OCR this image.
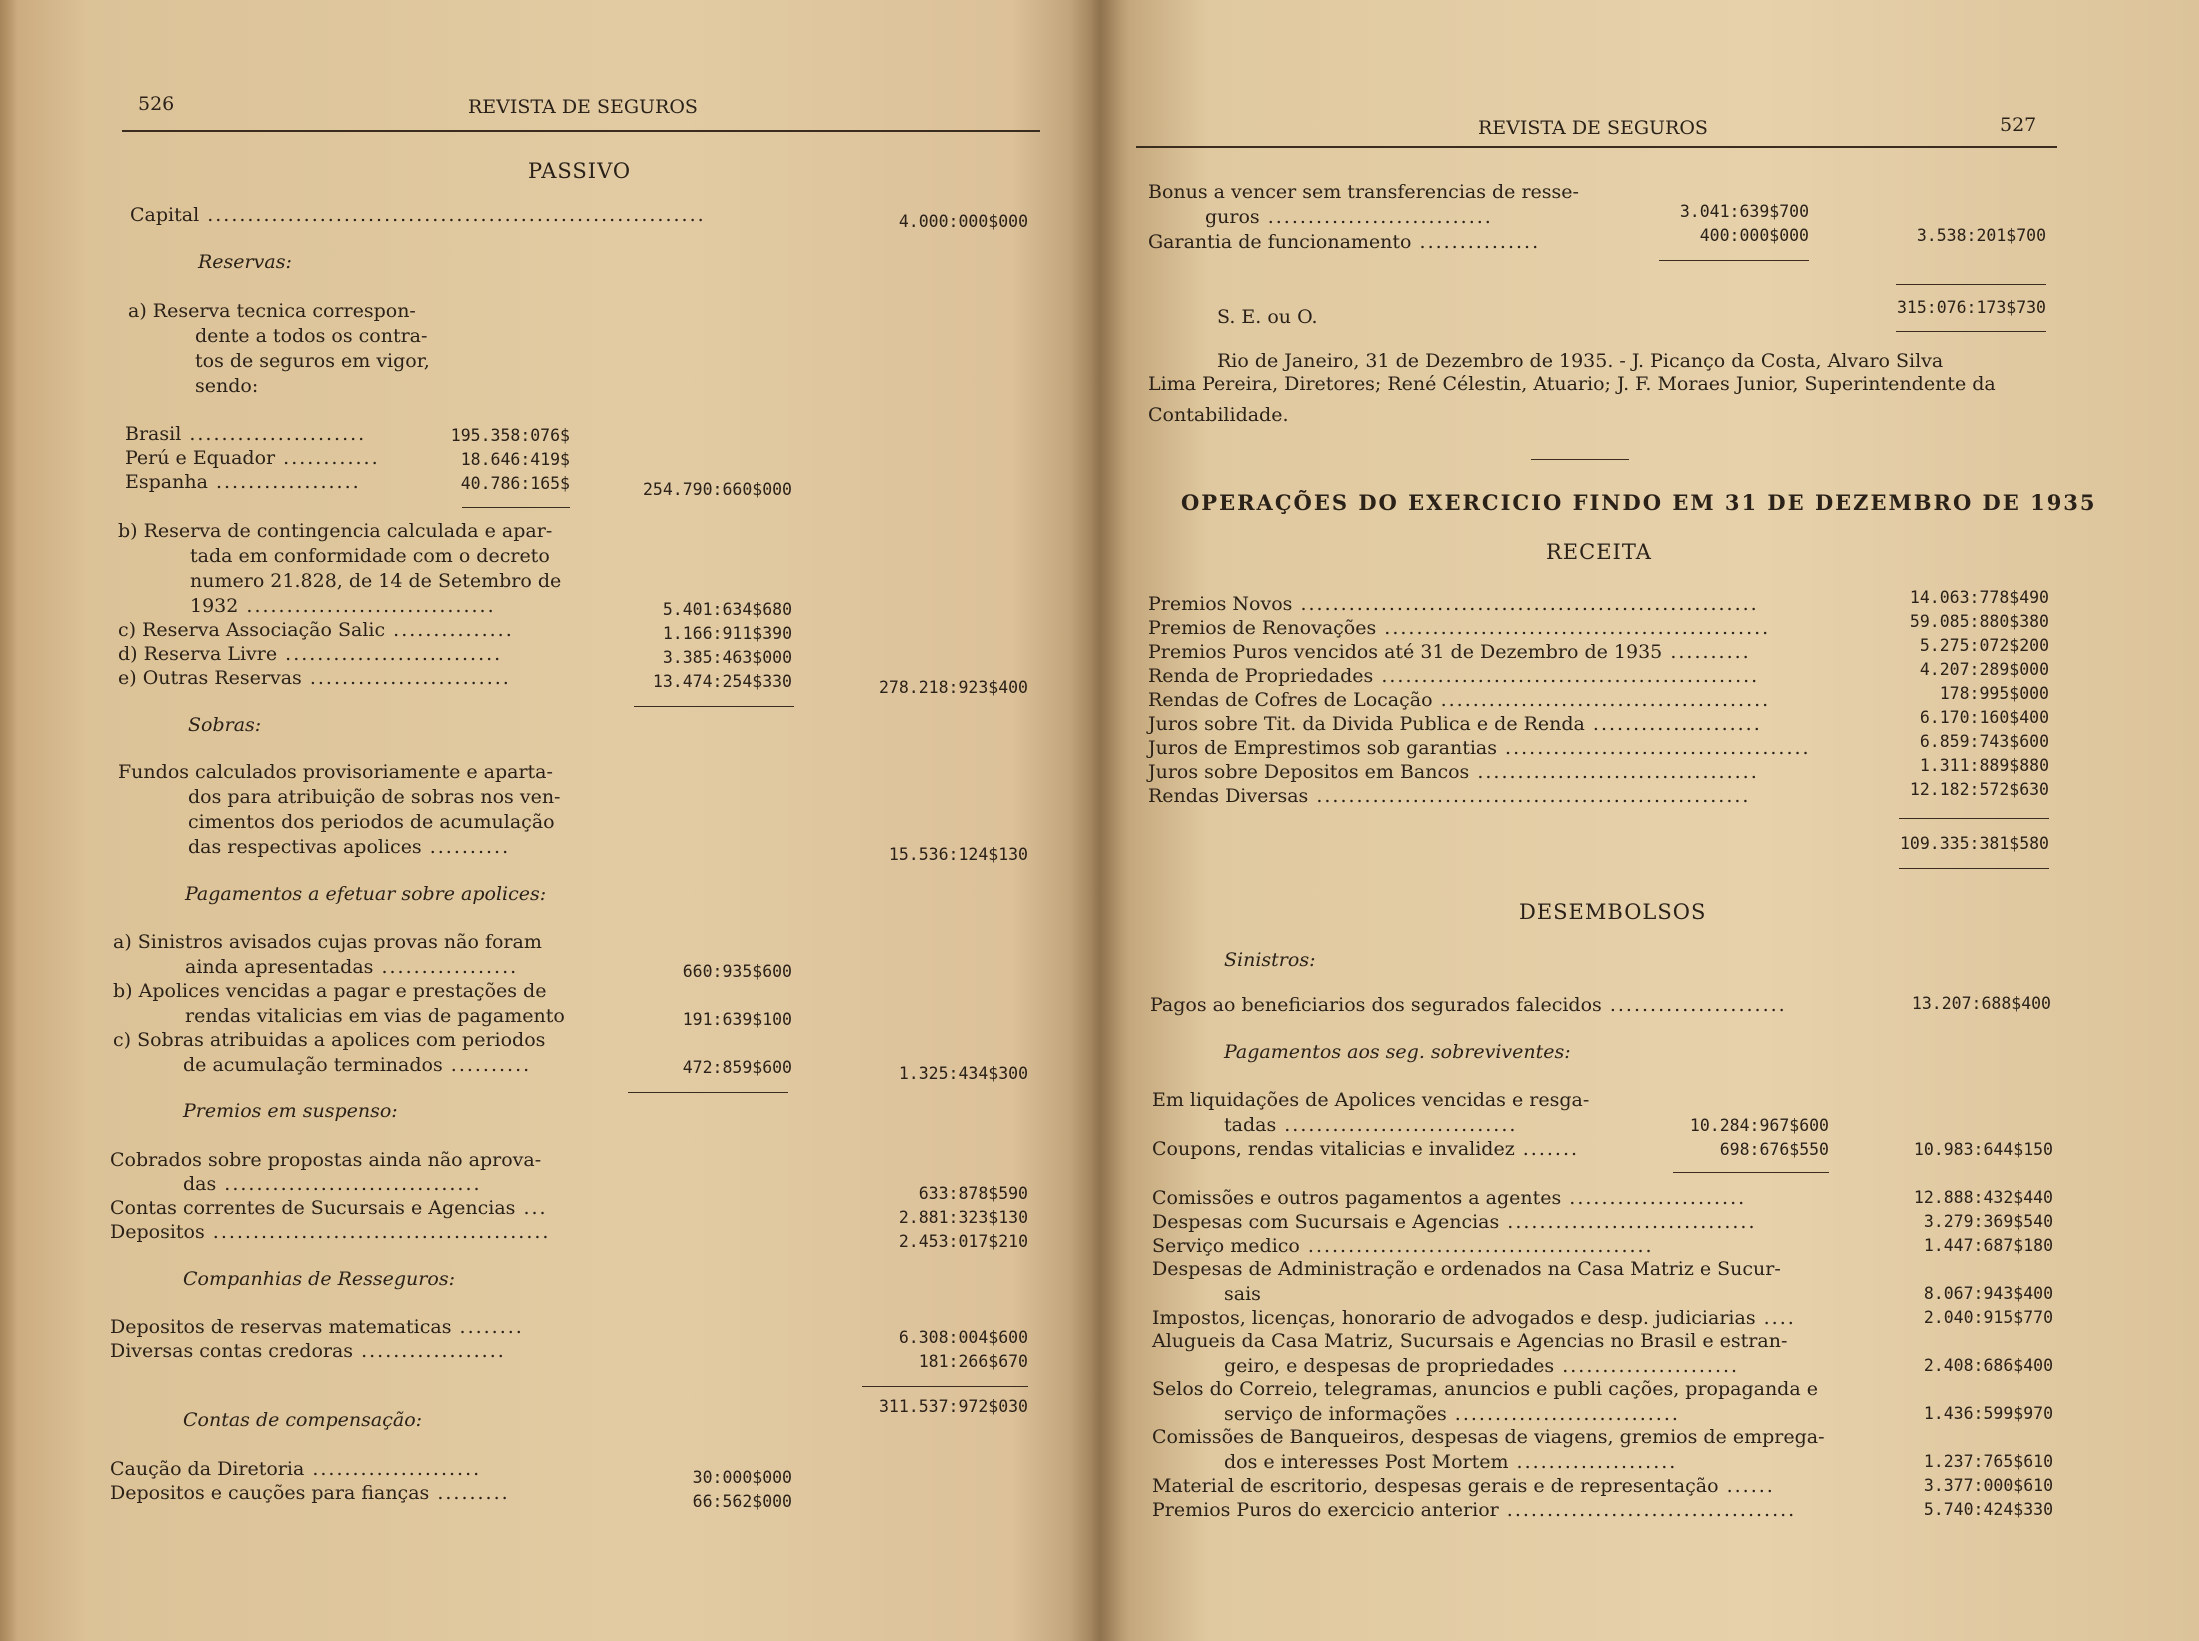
526	REVISTA DE SEGUROS
PASSIVO
Capital ..............................................................	4.000:000$000
Reservas:
a) Reserva tecnica correspon-
dente a todos os contra-
tos de seguros em vigor,
sendo:
Brasil ......................	195.358:076$
Perú e Equador ............	18.646:419$
Espanha ..................	40.786:165$	254.790:660$000
b) Reserva de contingencia calculada e apar-
tada em conformidade com o decreto
numero 21.828, de 14 de Setembro de
1932 ...............................	5.401:634$680
c) Reserva Associação Salic ...............	1.166:911$390
d) Reserva Livre ...........................	3.385:463$000
e) Outras Reservas .........................	13.474:254$330	278.218:923$400
Sobras:
Fundos calculados provisoriamente e aparta-
dos para atribuição de sobras nos ven-
cimentos dos periodos de acumulação
das respectivas apolices ..........	15.536:124$130
Pagamentos a efetuar sobre apolices:
a) Sinistros avisados cujas provas não foram
ainda apresentadas .................	660:935$600
b) Apolices vencidas a pagar e prestações de
rendas vitalicias em vias de pagamento	191:639$100
c) Sobras atribuidas a apolices com periodos
de acumulação terminados ..........	472:859$600	1.325:434$300
Premios em suspenso:
Cobrados sobre propostas ainda não aprova-
das ................................	633:878$590
Contas correntes de Sucursais e Agencias ...	2.881:323$130
Depositos ..........................................	2.453:017$210
Companhias de Resseguros:
Depositos de reservas matematicas ........	6.308:004$600
Diversas contas credoras ..................	181:266$670
311.537:972$030
Contas de compensação:
Caução da Diretoria .....................	30:000$000
Depositos e cauções para fianças .........	66:562$000
REVISTA DE SEGUROS	527
Bonus a vencer sem transferencias de resse-
guros ............................	3.041:639$700
Garantia de funcionamento ...............	400:000$000	3.538:201$700
S. E. ou O.	315:076:173$730
Rio de Janeiro, 31 de Dezembro de 1935. - J. Picanço da Costa, Alvaro Silva
Lima Pereira, Diretores; René Célestin, Atuario; J. F. Moraes Junior, Superintendente da
Contabilidade.
OPERAÇÕES DO EXERCICIO FINDO EM 31 DE DEZEMBRO DE 1935
RECEITA
Premios Novos .........................................................	14.063:778$490
Premios de Renovações ................................................	59.085:880$380
Premios Puros vencidos até 31 de Dezembro de 1935 ..........	5.275:072$200
Renda de Propriedades ...............................................	4.207:289$000
Rendas de Cofres de Locação .........................................	178:995$000
Juros sobre Tit. da Divida Publica e de Renda .....................	6.170:160$400
Juros de Emprestimos sob garantias ......................................	6.859:743$600
Juros sobre Depositos em Bancos ...................................	1.311:889$880
Rendas Diversas ......................................................	12.182:572$630
109.335:381$580
DESEMBOLSOS
Sinistros:
Pagos ao beneficiarios dos segurados falecidos ......................	13.207:688$400
Pagamentos aos seg. sobreviventes:
Em liquidações de Apolices vencidas e resga-
tadas .............................	10.284:967$600
Coupons, rendas vitalicias e invalidez .......	698:676$550	10.983:644$150
Comissões e outros pagamentos a agentes ......................	12.888:432$440
Despesas com Sucursais e Agencias ...............................	3.279:369$540
Serviço medico ...........................................	1.447:687$180
Despesas de Administração e ordenados na Casa Matriz e Sucur-
sais	8.067:943$400
Impostos, licenças, honorario de advogados e desp. judiciarias ....	2.040:915$770
Alugueis da Casa Matriz, Sucursais e Agencias no Brasil e estran-
geiro, e despesas de propriedades ......................	2.408:686$400
Selos do Correio, telegramas, anuncios e publi cações, propaganda e
serviço de informações ............................	1.436:599$970
Comissões de Banqueiros, despesas de viagens, gremios de emprega-
dos e interesses Post Mortem ....................	1.237:765$610
Material de escritorio, despesas gerais e de representação ......	3.377:000$610
Premios Puros do exercicio anterior ....................................	5.740:424$330
